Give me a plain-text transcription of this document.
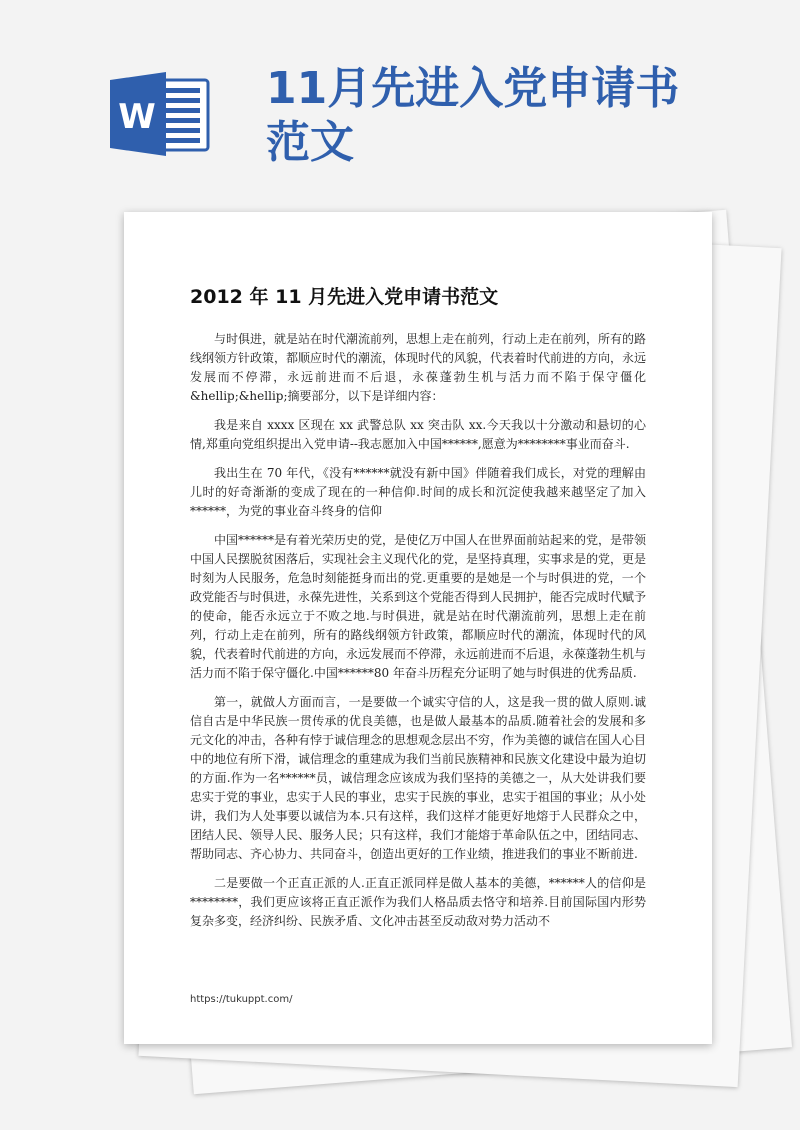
2012 年 11 月先进入党申请书范文

与时俱进，就是站在时代潮流前列，思想上走在前列，行动上走在前列，所有的路线纲领方针政策，都顺应时代的潮流，体现时代的风貌，代表着时代前进的方向，永远发展而不停滞，永远前进而不后退，永葆蓬勃生机与活力而不陷于保守僵化&hellip;&hellip;摘要部分，以下是详细内容：

我是来自 xxxx 区现在 xx 武警总队 xx 突击队 xx.今天我以十分激动和悬切的心情,郑重向党组织提出入党申请--我志愿加入中国******,愿意为********事业而奋斗.

我出生在 70 年代，《没有******就没有新中国》伴随着我们成长，对党的理解由儿时的好奇渐渐的变成了现在的一种信仰.时间的成长和沉淀使我越来越坚定了加入******，为党的事业奋斗终身的信仰

中国******是有着光荣历史的党，是使亿万中国人在世界面前站起来的党，是带领中国人民摆脱贫困落后，实现社会主义现代化的党，是坚持真理，实事求是的党，更是时刻为人民服务，危急时刻能挺身而出的党.更重要的是她是一个与时俱进的党，一个政党能否与时俱进，永葆先进性，关系到这个党能否得到人民拥护，能否完成时代赋予的使命，能否永远立于不败之地.与时俱进，就是站在时代潮流前列，思想上走在前列，行动上走在前列，所有的路线纲领方针政策，都顺应时代的潮流，体现时代的风貌，代表着时代前进的方向，永远发展而不停滞，永远前进而不后退，永葆蓬勃生机与活力而不陷于保守僵化.中国******80 年奋斗历程充分证明了她与时俱进的优秀品质.

第一，就做人方面而言，一是要做一个诚实守信的人，这是我一贯的做人原则.诚信自古是中华民族一贯传承的优良美德，也是做人最基本的品质.随着社会的发展和多元文化的冲击，各种有悖于诚信理念的思想观念层出不穷，作为美德的诚信在国人心目中的地位有所下滑，诚信理念的重建成为我们当前民族精神和民族文化建设中最为迫切的方面.作为一名******员，诚信理念应该成为我们坚持的美德之一，从大处讲我们要忠实于党的事业，忠实于人民的事业，忠实于民族的事业，忠实于祖国的事业；从小处讲，我们为人处事要以诚信为本.只有这样，我们这样才能更好地熔于人民群众之中，团结人民、领导人民、服务人民；只有这样，我们才能熔于革命队伍之中，团结同志、帮助同志、齐心协力、共同奋斗，创造出更好的工作业绩，推进我们的事业不断前进.

二是要做一个正直正派的人.正直正派同样是做人基本的美德，******人的信仰是********，我们更应该将正直正派作为我们人格品质去恪守和培养.目前国际国内形势复杂多变，经济纠纷、民族矛盾、文化冲击甚至反动敌对势力活动不

https://tukuppt.com/
W
11月先进入党申请书
范文
